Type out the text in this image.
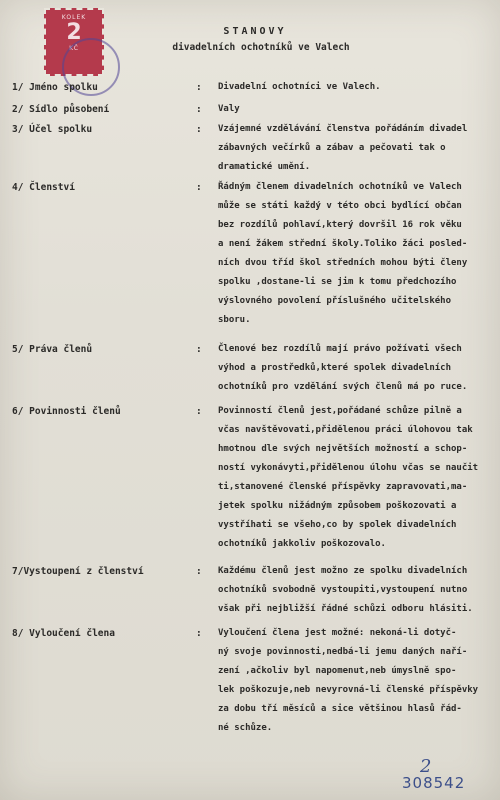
KOLEK
2
KČ
STANOVY
divadelních ochotníků ve Valech
1/ Jméno spolku	: Divadelní ochotníci ve Valech.
2/ Sídlo působení	: Valy
3/ Účel spolku	: Vzájemné vzdělávání členstva pořádáním divadel
zábavných večírků a zábav a pečovati tak o
dramatické umění.
4/ Členství	: Řádným členem divadelních ochotníků ve Valech
může se státi každý v této obci bydlící občan
bez rozdílů pohlaví,který dovršil 16 rok věku
a není žákem střední školy.Toliko žáci posled-
ních dvou tříd škol středních mohou býti členy
spolku ,dostane-li se jim k tomu předchozího
výslovného povolení příslušného učitelského
sboru.
5/ Práva členů	: Členové bez rozdílů mají právo požívati všech
výhod a prostředků,které spolek divadelních
ochotníků pro vzdělání svých členů má po ruce.
6/ Povinnosti členů	: Povinností členů jest,pořádané schůze pilně a
včas navštěvovati,přidělenou práci úlohovou tak
hmotnou dle svých největších možností a schop-
ností vykonávyti,přidělenou úlohu včas se naučit
ti,stanovené členské příspěvky zapravovati,ma-
jetek spolku nižádným způsobem poškozovati a
vystříhati se všeho,co by spolek divadelních
ochotníků jakkoliv poškozovalo.
7/Vystoupení z členství	: Každému členů jest možno ze spolku divadelních
ochotníků svobodně vystoupiti,vystoupení nutno
však při nejbližší řádné schůzi odboru hlásiti.
8/ Vyloučení člena	: Vyloučení člena jest možné: nekoná-li dotyč-
ný svoje povinnosti,nedbá-li jemu daných naří-
zení ,ačkoliv byl napomenut,neb úmyslně spo-
lek poškozuje,neb nevyrovná-li členské příspěvky
za dobu tří měsíců a sice většinou hlasů řád-
né schůze.
2
308542
